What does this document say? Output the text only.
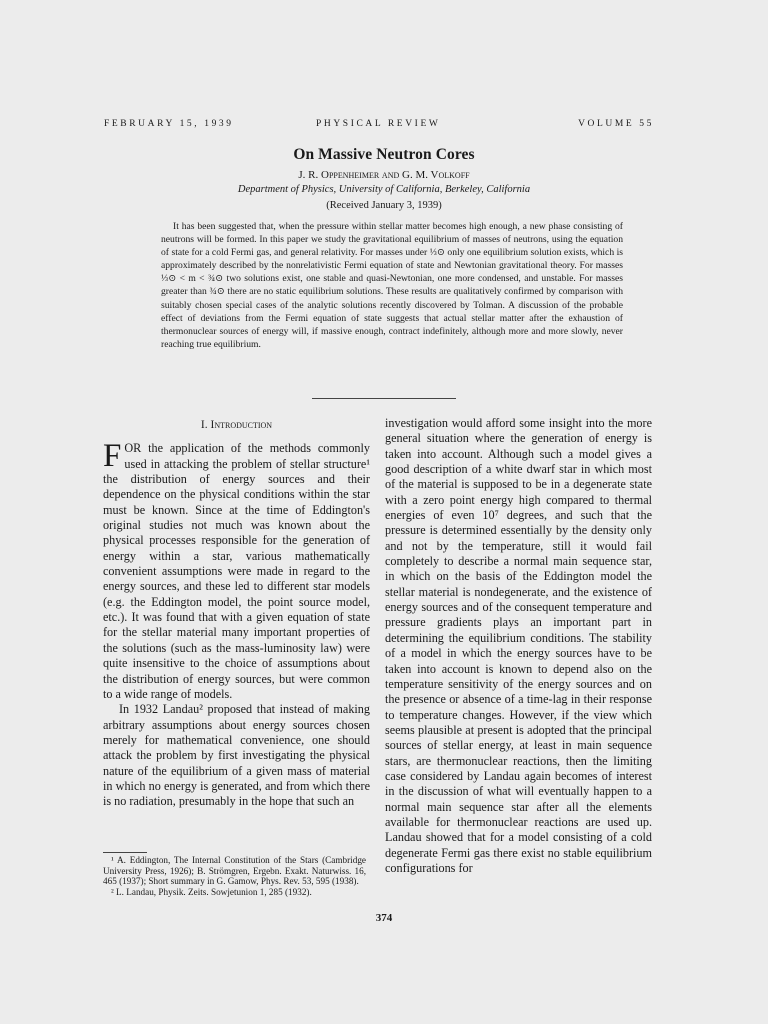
FEBRUARY 15, 1939	PHYSICAL REVIEW	VOLUME 55
On Massive Neutron Cores
J. R. Oppenheimer and G. M. Volkoff
Department of Physics, University of California, Berkeley, California
(Received January 3, 1939)

It has been suggested that, when the pressure within stellar matter becomes high enough, a new phase consisting of neutrons will be formed. In this paper we study the gravitational equilibrium of masses of neutrons, using the equation of state for a cold Fermi gas, and general relativity. For masses under ⅓⊙ only one equilibrium solution exists, which is approximately described by the nonrelativistic Fermi equation of state and Newtonian gravitational theory. For masses ⅓⊙ < m < ¾⊙ two solutions exist, one stable and quasi-Newtonian, one more condensed, and unstable. For masses greater than ¾⊙ there are no static equilibrium solutions. These results are qualitatively confirmed by comparison with suitably chosen special cases of the analytic solutions recently discovered by Tolman. A discussion of the probable effect of deviations from the Fermi equation of state suggests that actual stellar matter after the exhaustion of thermonuclear sources of energy will, if massive enough, contract indefinitely, although more and more slowly, never reaching true equilibrium.

I. Introduction

FOR the application of the methods commonly used in attacking the problem of stellar structure¹ the distribution of energy sources and their dependence on the physical conditions within the star must be known. Since at the time of Eddington's original studies not much was known about the physical processes responsible for the generation of energy within a star, various mathematically convenient assumptions were made in regard to the energy sources, and these led to different star models (e.g. the Eddington model, the point source model, etc.). It was found that with a given equation of state for the stellar material many important properties of the solutions (such as the mass-luminosity law) were quite insensitive to the choice of assumptions about the distribution of energy sources, but were common to a wide range of models.

In 1932 Landau² proposed that instead of making arbitrary assumptions about energy sources chosen merely for mathematical convenience, one should attack the problem by first investigating the physical nature of the equilibrium of a given mass of material in which no energy is generated, and from which there is no radiation, presumably in the hope that such an

¹ A. Eddington, The Internal Constitution of the Stars (Cambridge University Press, 1926); B. Strömgren, Ergebn. Exakt. Naturwiss. 16, 465 (1937); Short summary in G. Gamow, Phys. Rev. 53, 595 (1938).

² L. Landau, Physik. Zeits. Sowjetunion 1, 285 (1932).

investigation would afford some insight into the more general situation where the generation of energy is taken into account. Although such a model gives a good description of a white dwarf star in which most of the material is supposed to be in a degenerate state with a zero point energy high compared to thermal energies of even 10⁷ degrees, and such that the pressure is determined essentially by the density only and not by the temperature, still it would fail completely to describe a normal main sequence star, in which on the basis of the Eddington model the stellar material is nondegenerate, and the existence of energy sources and of the consequent temperature and pressure gradients plays an important part in determining the equilibrium conditions. The stability of a model in which the energy sources have to be taken into account is known to depend also on the temperature sensitivity of the energy sources and on the presence or absence of a time-lag in their response to temperature changes. However, if the view which seems plausible at present is adopted that the principal sources of stellar energy, at least in main sequence stars, are thermonuclear reactions, then the limiting case considered by Landau again becomes of interest in the discussion of what will eventually happen to a normal main sequence star after all the elements available for thermonuclear reactions are used up. Landau showed that for a model consisting of a cold degenerate Fermi gas there exist no stable equilibrium configurations for

374
